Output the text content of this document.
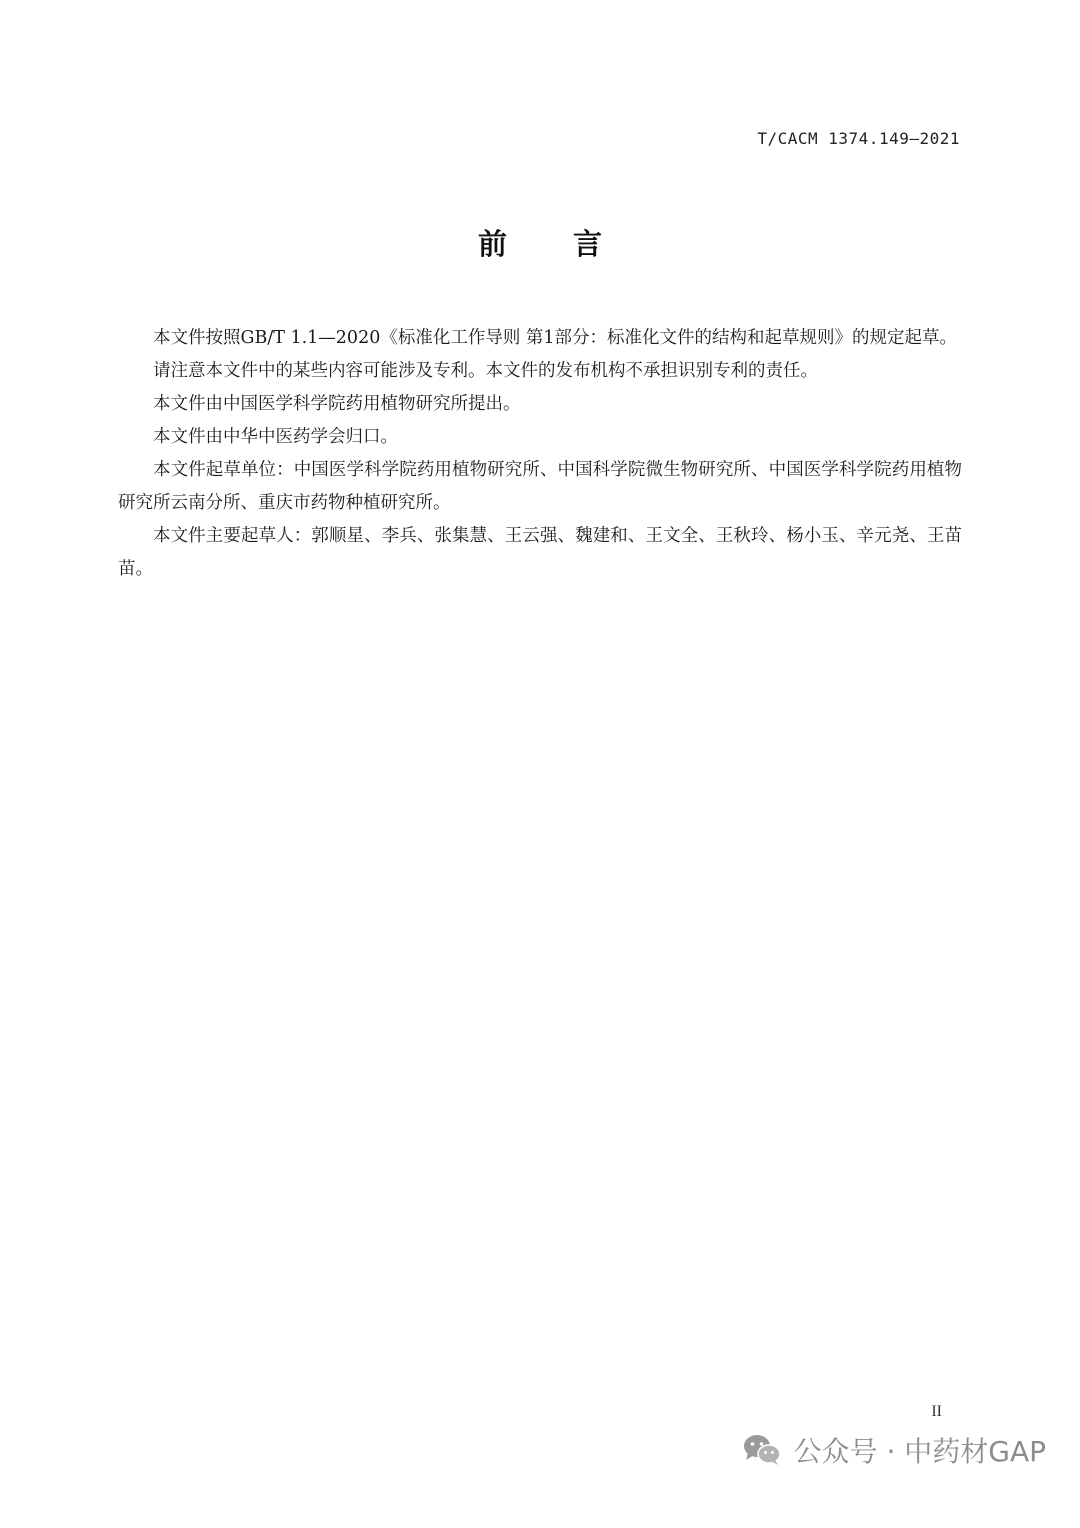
T/CACM 1374.149—2021
前 言

本文件按照GB/T 1.1—2020《标准化工作导则 第1部分：标准化文件的结构和起草规则》的规定起草。

请注意本文件中的某些内容可能涉及专利。本文件的发布机构不承担识别专利的责任。

本文件由中国医学科学院药用植物研究所提出。

本文件由中华中医药学会归口。

本文件起草单位：中国医学科学院药用植物研究所、中国科学院微生物研究所、中国医学科学院药用植物研究所云南分所、重庆市药物种植研究所。

本文件主要起草人：郭顺星、李兵、张集慧、王云强、魏建和、王文全、王秋玲、杨小玉、辛元尧、王苗苗。

II
公众号 · 中药材GAP
